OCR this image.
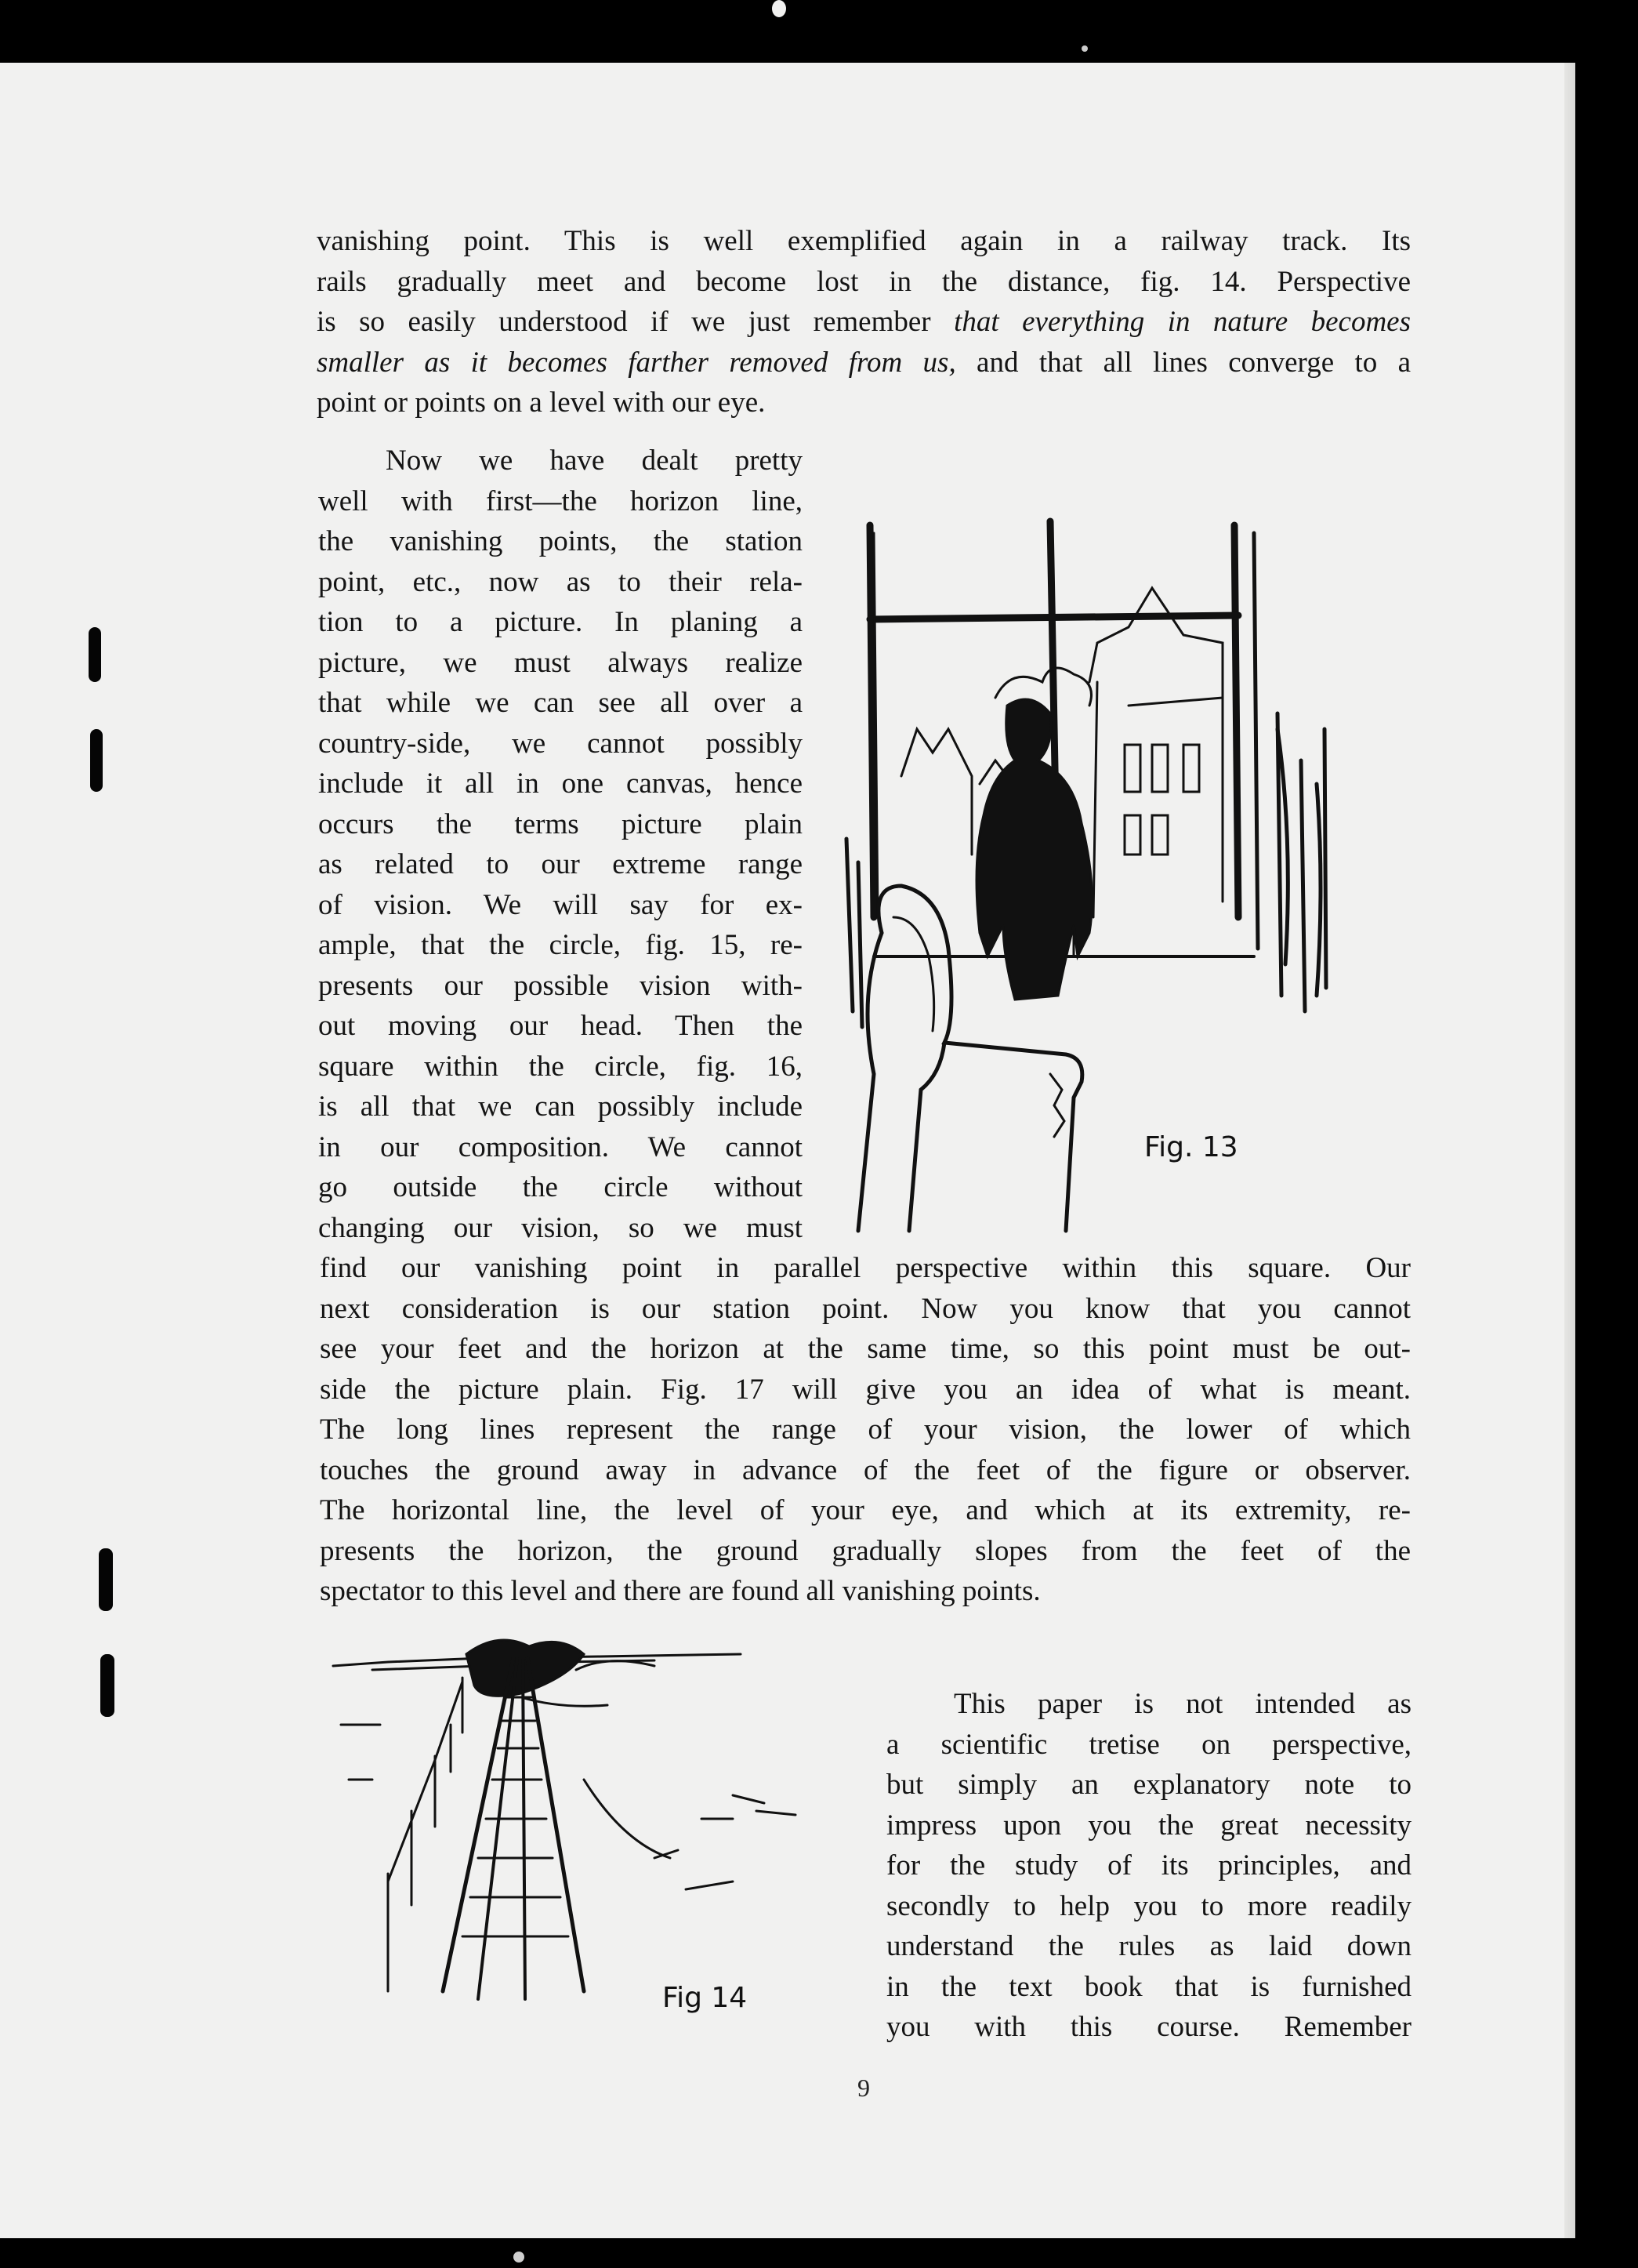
vanishing point. This is well exemplified again in a railway track. Its
rails gradually meet and become lost in the distance, fig. 14. Perspective
is so easily understood if we just remember that everything in nature becomes
smaller as it becomes farther removed from us, and that all lines converge to a
point or points on a level with our eye.
Now we have dealt pretty
well with first—the horizon line,
the vanishing points, the station
point, etc., now as to their rela-
tion to a picture. In planing a
picture, we must always realize
that while we can see all over a
country-side, we cannot possibly
include it all in one canvas, hence
occurs the terms picture plain
as related to our extreme range
of vision. We will say for ex-
ample, that the circle, fig. 15, re-
presents our possible vision with-
out moving our head. Then the
square within the circle, fig. 16,
is all that we can possibly include
in our composition. We cannot
go outside the circle without
changing our vision, so we must
Fig. 13
find our vanishing point in parallel perspective within this square. Our
next consideration is our station point. Now you know that you cannot
see your feet and the horizon at the same time, so this point must be out-
side the picture plain. Fig. 17 will give you an idea of what is meant.
The long lines represent the range of your vision, the lower of which
touches the ground away in advance of the feet of the figure or observer.
The horizontal line, the level of your eye, and which at its extremity, re-
presents the horizon, the ground gradually slopes from the feet of the
spectator to this level and there are found all vanishing points.
Fig 14
This paper is not intended as
a scientific tretise on perspective,
but simply an explanatory note to
impress upon you the great necessity
for the study of its principles, and
secondly to help you to more readily
understand the rules as laid down
in the text book that is furnished
you with this course. Remember
9
